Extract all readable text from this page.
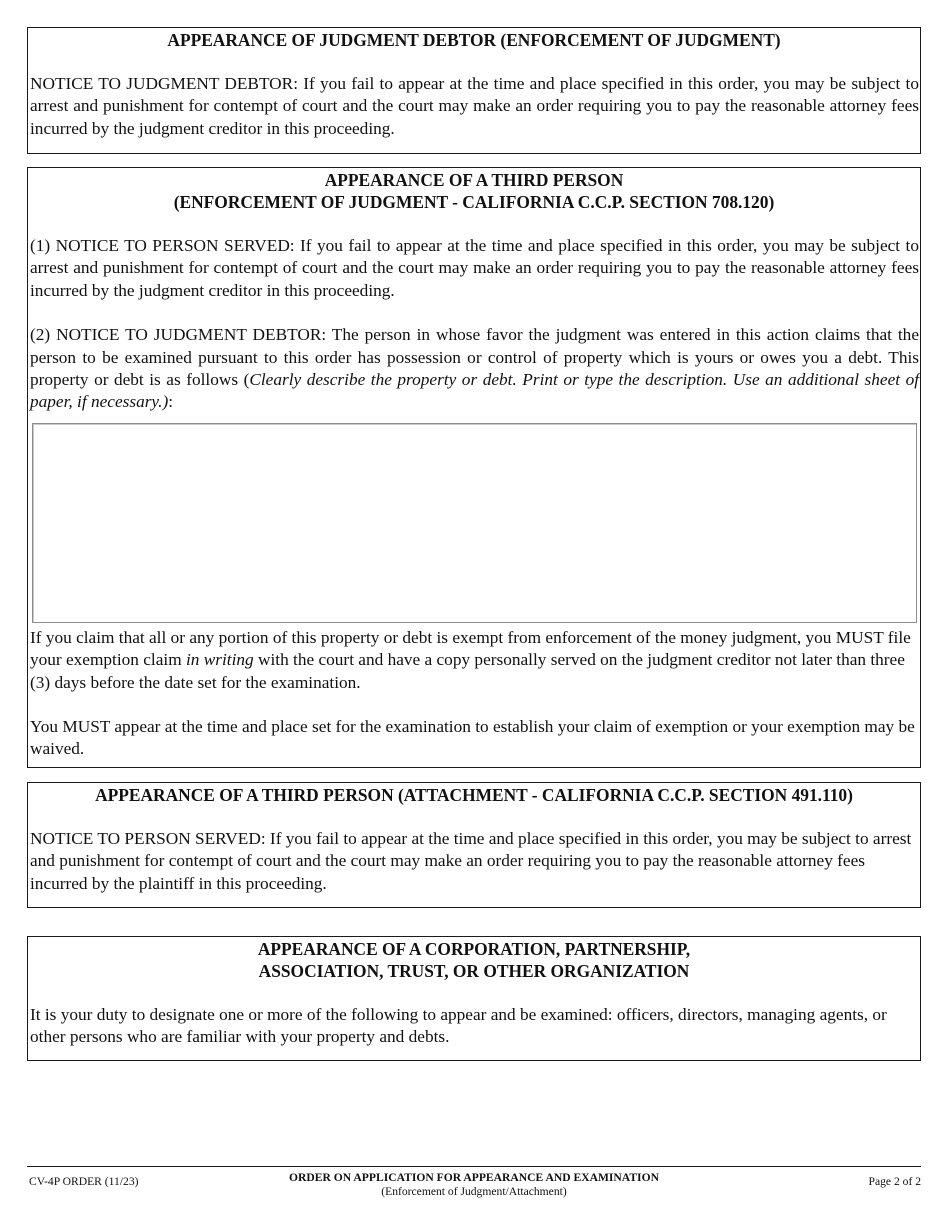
APPEARANCE OF JUDGMENT DEBTOR (ENFORCEMENT OF JUDGMENT)

NOTICE TO JUDGMENT DEBTOR: If you fail to appear at the time and place specified in this order, you may be subject to arrest and punishment for contempt of court and the court may make an order requiring you to pay the reasonable attorney fees incurred by the judgment creditor in this proceeding.

APPEARANCE OF A THIRD PERSON
(ENFORCEMENT OF JUDGMENT - CALIFORNIA C.C.P. SECTION 708.120)

(1) NOTICE TO PERSON SERVED: If you fail to appear at the time and place specified in this order, you may be subject to arrest and punishment for contempt of court and the court may make an order requiring you to pay the reasonable attorney fees incurred by the judgment creditor in this proceeding.

(2) NOTICE TO JUDGMENT DEBTOR: The person in whose favor the judgment was entered in this action claims that the person to be examined pursuant to this order has possession or control of property which is yours or owes you a debt. This property or debt is as follows (Clearly describe the property or debt. Print or type the description. Use an additional sheet of paper, if necessary.):

If you claim that all or any portion of this property or debt is exempt from enforcement of the money judgment, you MUST file your exemption claim in writing with the court and have a copy personally served on the judgment creditor not later than three (3) days before the date set for the examination.

You MUST appear at the time and place set for the examination to establish your claim of exemption or your exemption may be waived.

APPEARANCE OF A THIRD PERSON (ATTACHMENT - CALIFORNIA C.C.P. SECTION 491.110)

NOTICE TO PERSON SERVED: If you fail to appear at the time and place specified in this order, you may be subject to arrest and punishment for contempt of court and the court may make an order requiring you to pay the reasonable attorney fees incurred by the plaintiff in this proceeding.

APPEARANCE OF A CORPORATION, PARTNERSHIP,
ASSOCIATION, TRUST, OR OTHER ORGANIZATION

It is your duty to designate one or more of the following to appear and be examined: officers, directors, managing agents, or other persons who are familiar with your property and debts.

CV-4P ORDER (11/23)	ORDER ON APPLICATION FOR APPEARANCE AND EXAMINATION
(Enforcement of Judgment/Attachment)
Page 2 of 2
